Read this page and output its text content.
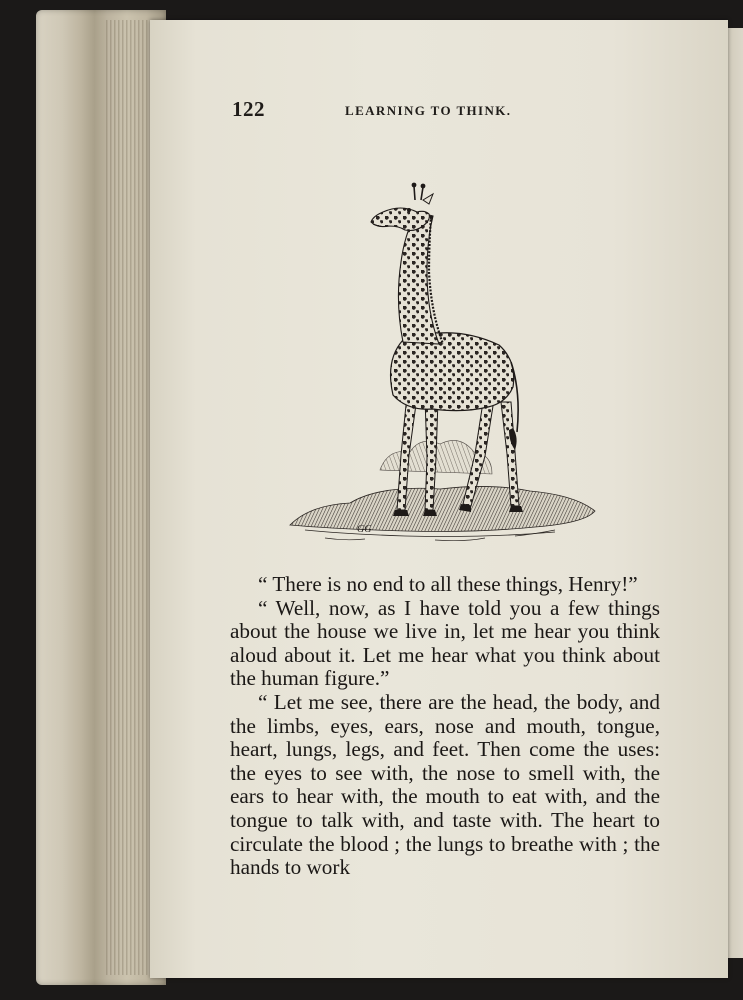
122	LEARNING TO THINK.
GG

“ There is no end to all these things, Henry!”

“ Well, now, as I have told you a few things about the house we live in, let me hear you think aloud about it. Let me hear what you think about the human figure.”

“ Let me see, there are the head, the body, and the limbs, eyes, ears, nose and mouth, tongue, heart, lungs, legs, and feet. Then come the uses: the eyes to see with, the nose to smell with, the ears to hear with, the mouth to eat with, and the tongue to talk with, and taste with. The heart to circulate the blood ; the lungs to breathe with ; the hands to work
